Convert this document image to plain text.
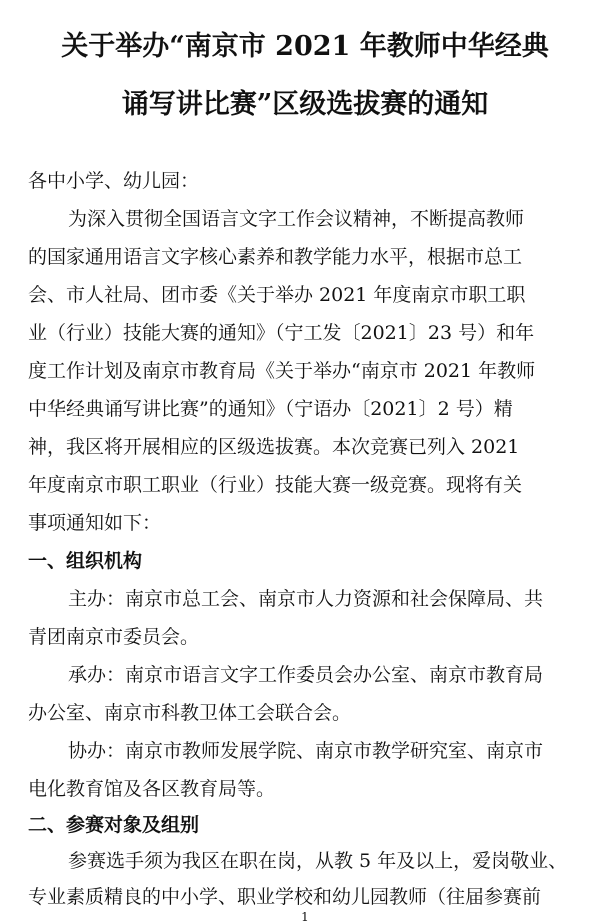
关于举办“南京市 2021 年教师中华经典
诵写讲比赛”区级选拔赛的通知
各中小学、幼儿园：
为深入贯彻全国语言文字工作会议精神，不断提高教师
的国家通用语言文字核心素养和教学能力水平，根据市总工
会、市人社局、团市委《关于举办 2021 年度南京市职工职
业（行业）技能大赛的通知》（宁工发〔2021〕23 号）和年
度工作计划及南京市教育局《关于举办“南京市 2021 年教师
中华经典诵写讲比赛”的通知》（宁语办〔2021〕2 号）精
神，我区将开展相应的区级选拔赛。本次竞赛已列入 2021
年度南京市职工职业（行业）技能大赛一级竞赛。现将有关
事项通知如下：
一、组织机构
主办：南京市总工会、南京市人力资源和社会保障局、共
青团南京市委员会。
承办：南京市语言文字工作委员会办公室、南京市教育局
办公室、南京市科教卫体工会联合会。
协办：南京市教师发展学院、南京市教学研究室、南京市
电化教育馆及各区教育局等。
二、参赛对象及组别
参赛选手须为我区在职在岗，从教 5 年及以上，爱岗敬业、
专业素质精良的中小学、职业学校和幼儿园教师（往届参赛前
1
